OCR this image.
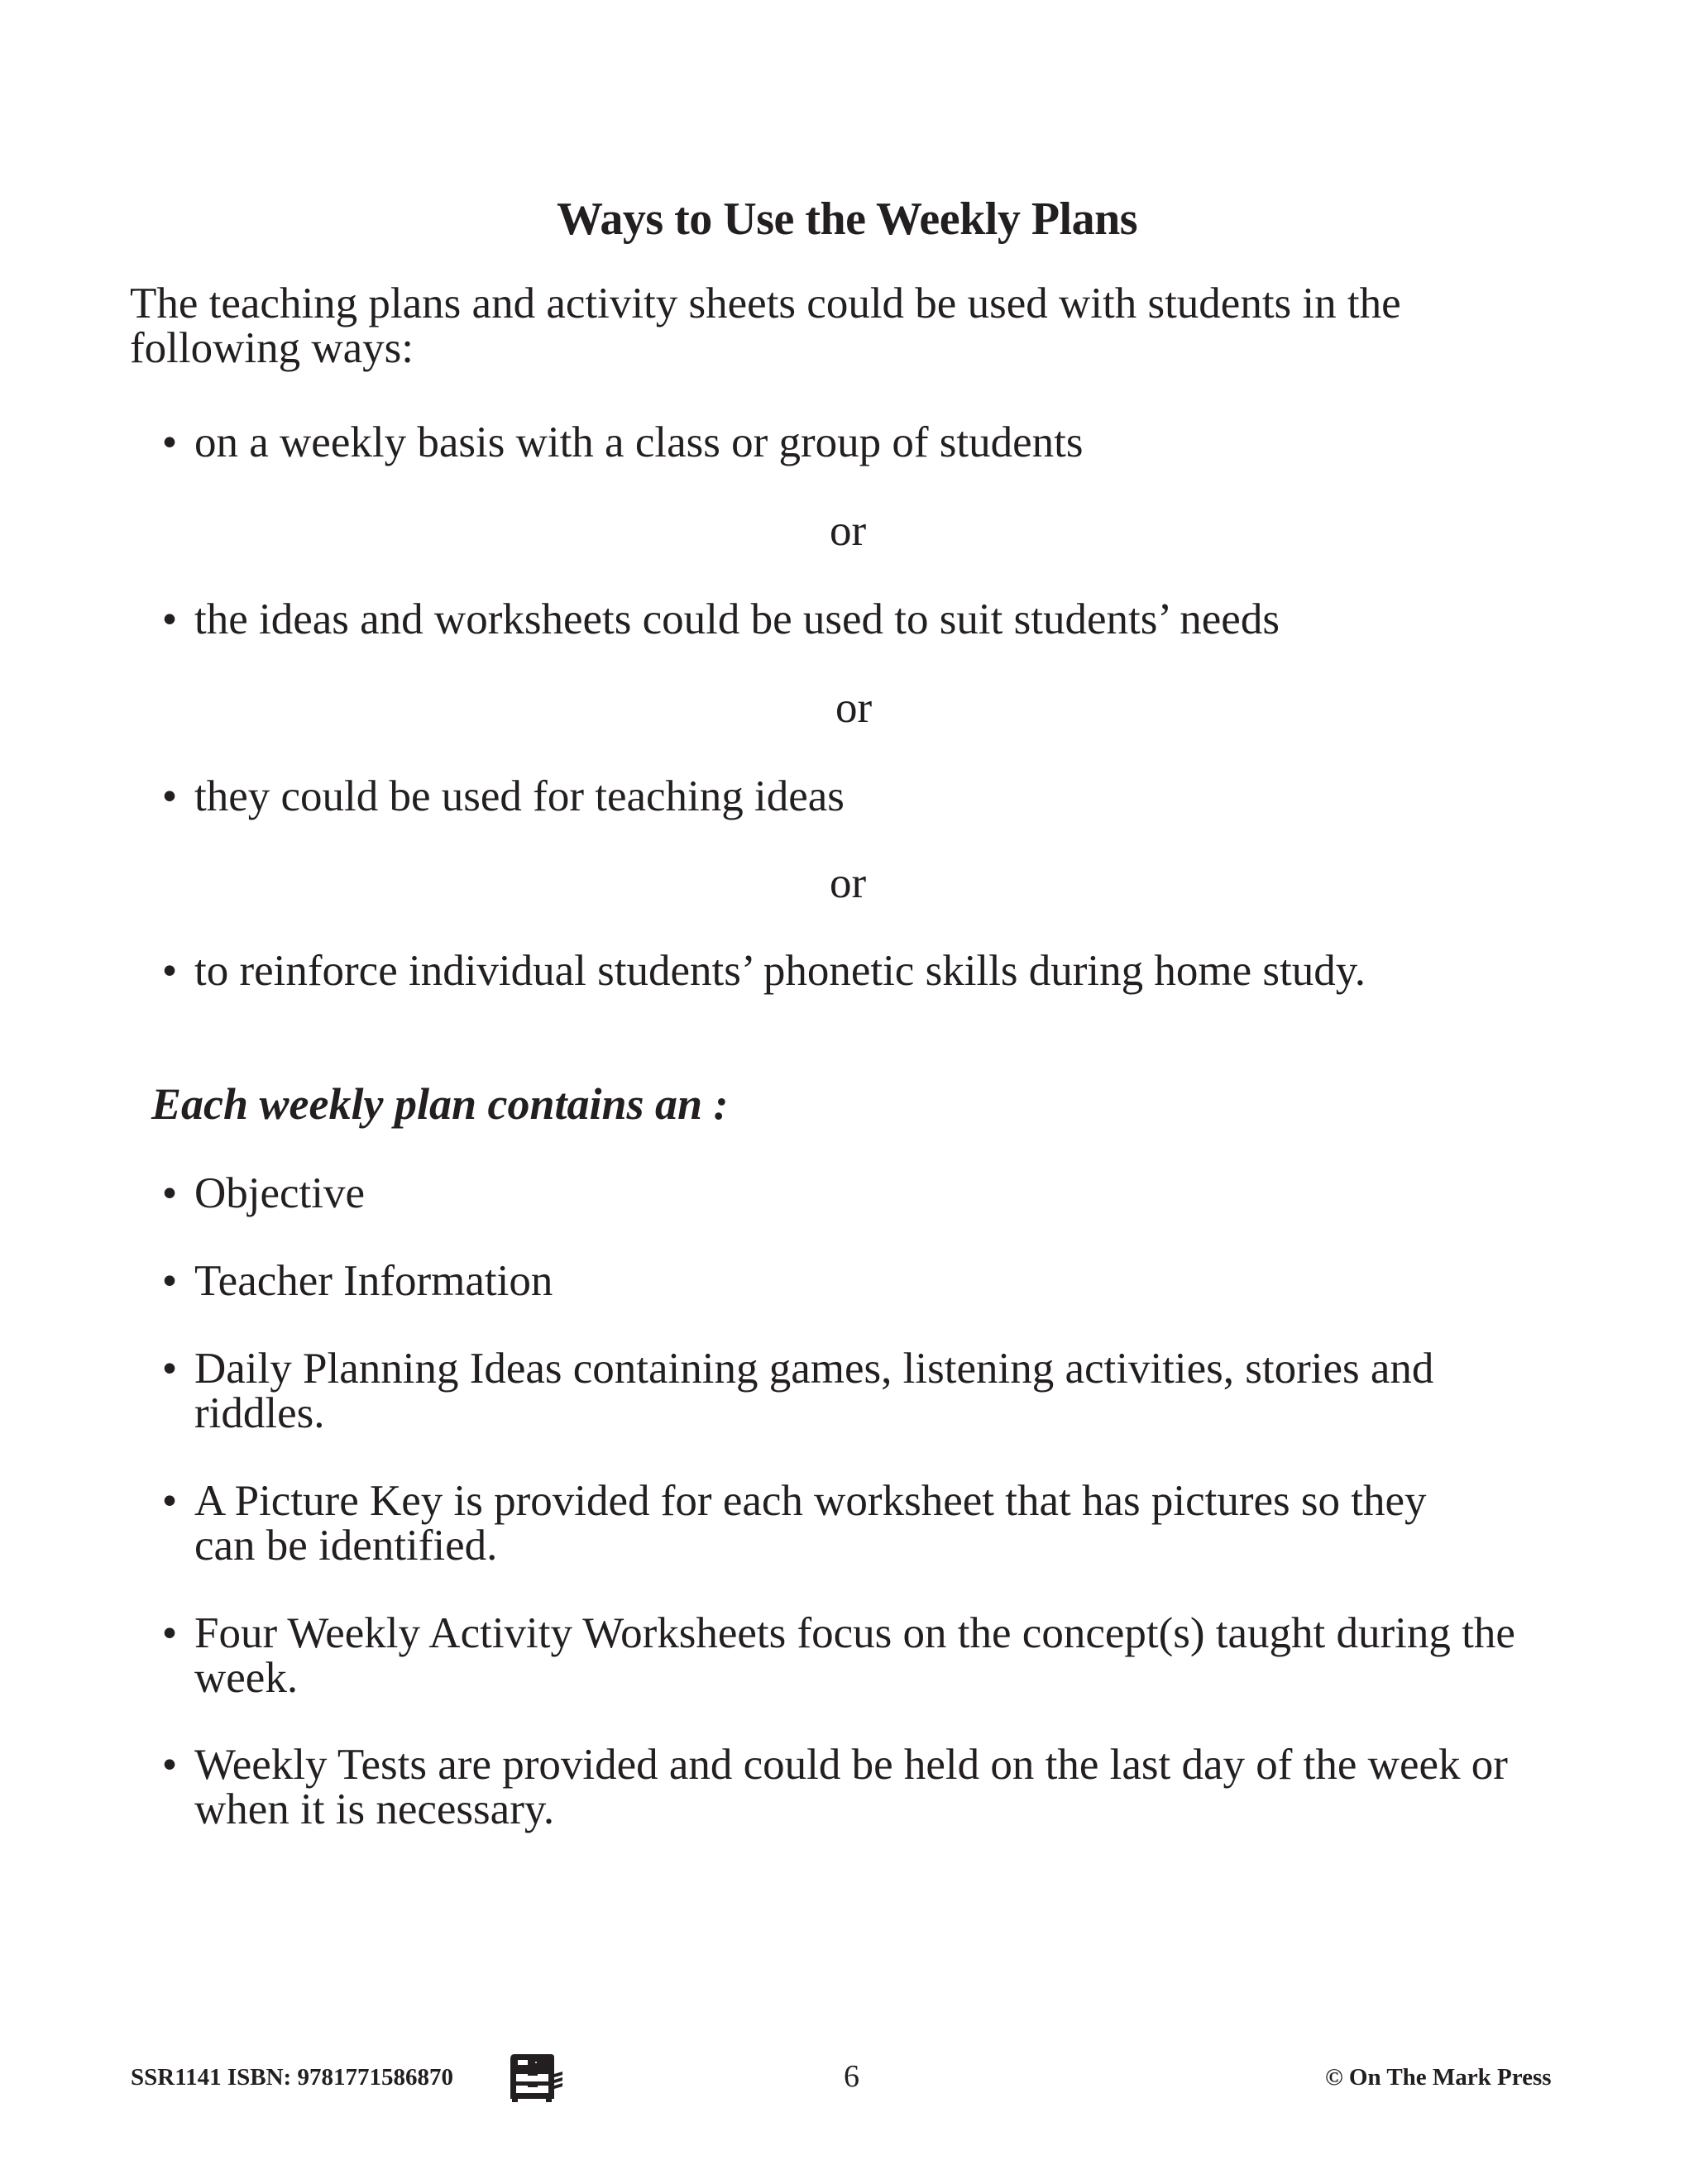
Ways to Use the Weekly Plans
The teaching plans and activity sheets could be used with students in the
following ways:
• on a weekly basis with a class or group of students
or
• the ideas and worksheets could be used to suit students’ needs
or
• they could be used for teaching ideas
or
• to reinforce individual students’ phonetic skills during home study.
Each weekly plan contains an :
• Objective
• Teacher Information
• Daily Planning Ideas containing games, listening activities, stories and
riddles.
• A Picture Key is provided for each worksheet that has pictures so they
can be identified.
• Four Weekly Activity Worksheets focus on the concept(s) taught during the
week.
• Weekly Tests are provided and could be held on the last day of the week or
when it is necessary.
SSR1141 ISBN: 9781771586870	6	© On The Mark Press
